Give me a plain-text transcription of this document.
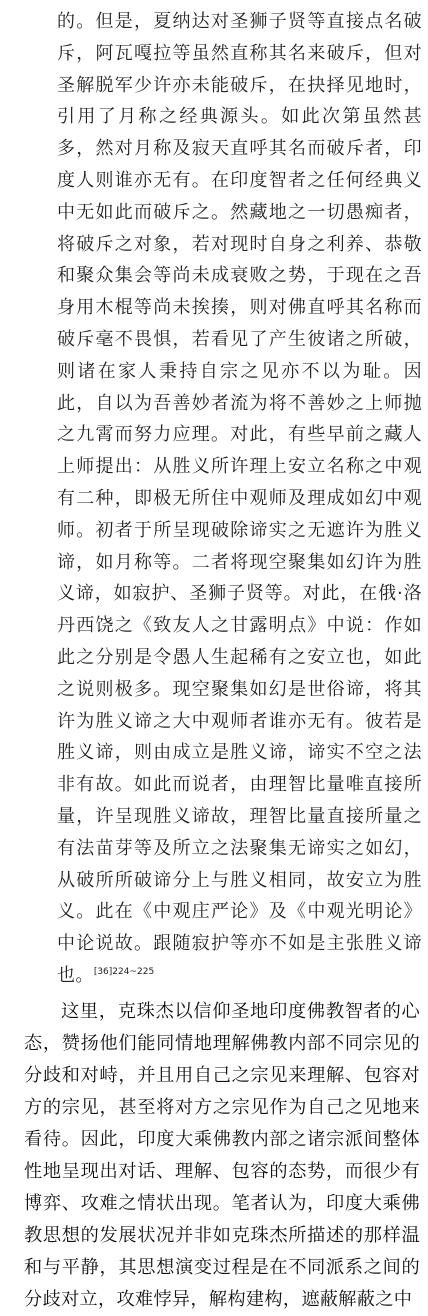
的。但是，夏纳达对圣狮子贤等直接点名破斥，阿瓦嘎拉等虽然直称其名来破斥，但对圣解脱军少许亦未能破斥，在抉择见地时，引用了月称之经典源头。如此次第虽然甚多，然对月称及寂天直呼其名而破斥者，印度人则谁亦无有。在印度智者之任何经典义中无如此而破斥之。然藏地之一切愚痴者，将破斥之对象，若对现时自身之利养、恭敬和聚众集会等尚未成衰败之势，于现在之吾身用木棍等尚未挨揍，则对佛直呼其名称而破斥毫不畏惧，若看见了产生彼诸之所破，则诸在家人秉持自宗之见亦不以为耻。因此，自以为吾善妙者流为将不善妙之上师抛之九霄而努力应理。对此，有些早前之藏人上师提出：从胜义所许理上安立名称之中观有二种，即极无所住中观师及理成如幻中观师。初者于所呈现破除谛实之无遮许为胜义谛，如月称等。二者将现空聚集如幻许为胜义谛，如寂护、圣狮子贤等。对此，在俄·洛丹西饶之《致友人之甘露明点》中说：作如此之分别是令愚人生起稀有之安立也，如此之说则极多。现空聚集如幻是世俗谛，将其许为胜义谛之大中观师者谁亦无有。彼若是胜义谛，则由成立是胜义谛，谛实不空之法非有故。如此而说者，由理智比量唯直接所量，许呈现胜义谛故，理智比量直接所量之有法苗芽等及所立之法聚集无谛实之如幻，从破所所破谛分上与胜义相同，故安立为胜义。此在《中观庄严论》及《中观光明论》中论说故。跟随寂护等亦不如是主张胜义谛也。$^{[36]224\sim 225}$

这里，克珠杰以信仰圣地印度佛教智者的心态，赞扬他们能同情地理解佛教内部不同宗见的分歧和对峙，并且用自己之宗见来理解、包容对方的宗见，甚至将对方之宗见作为自己之见地来看待。因此，印度大乘佛教内部之诸宗派间整体性地呈现出对话、理解、包容的态势，而很少有博弈、攻难之情状出现。笔者认为，印度大乘佛教思想的发展状况并非如克珠杰所描述的那样温和与平静，其思想演变过程是在不同派系之间的分歧对立，攻难悖异，解构建构，遮蔽解蔽之中
